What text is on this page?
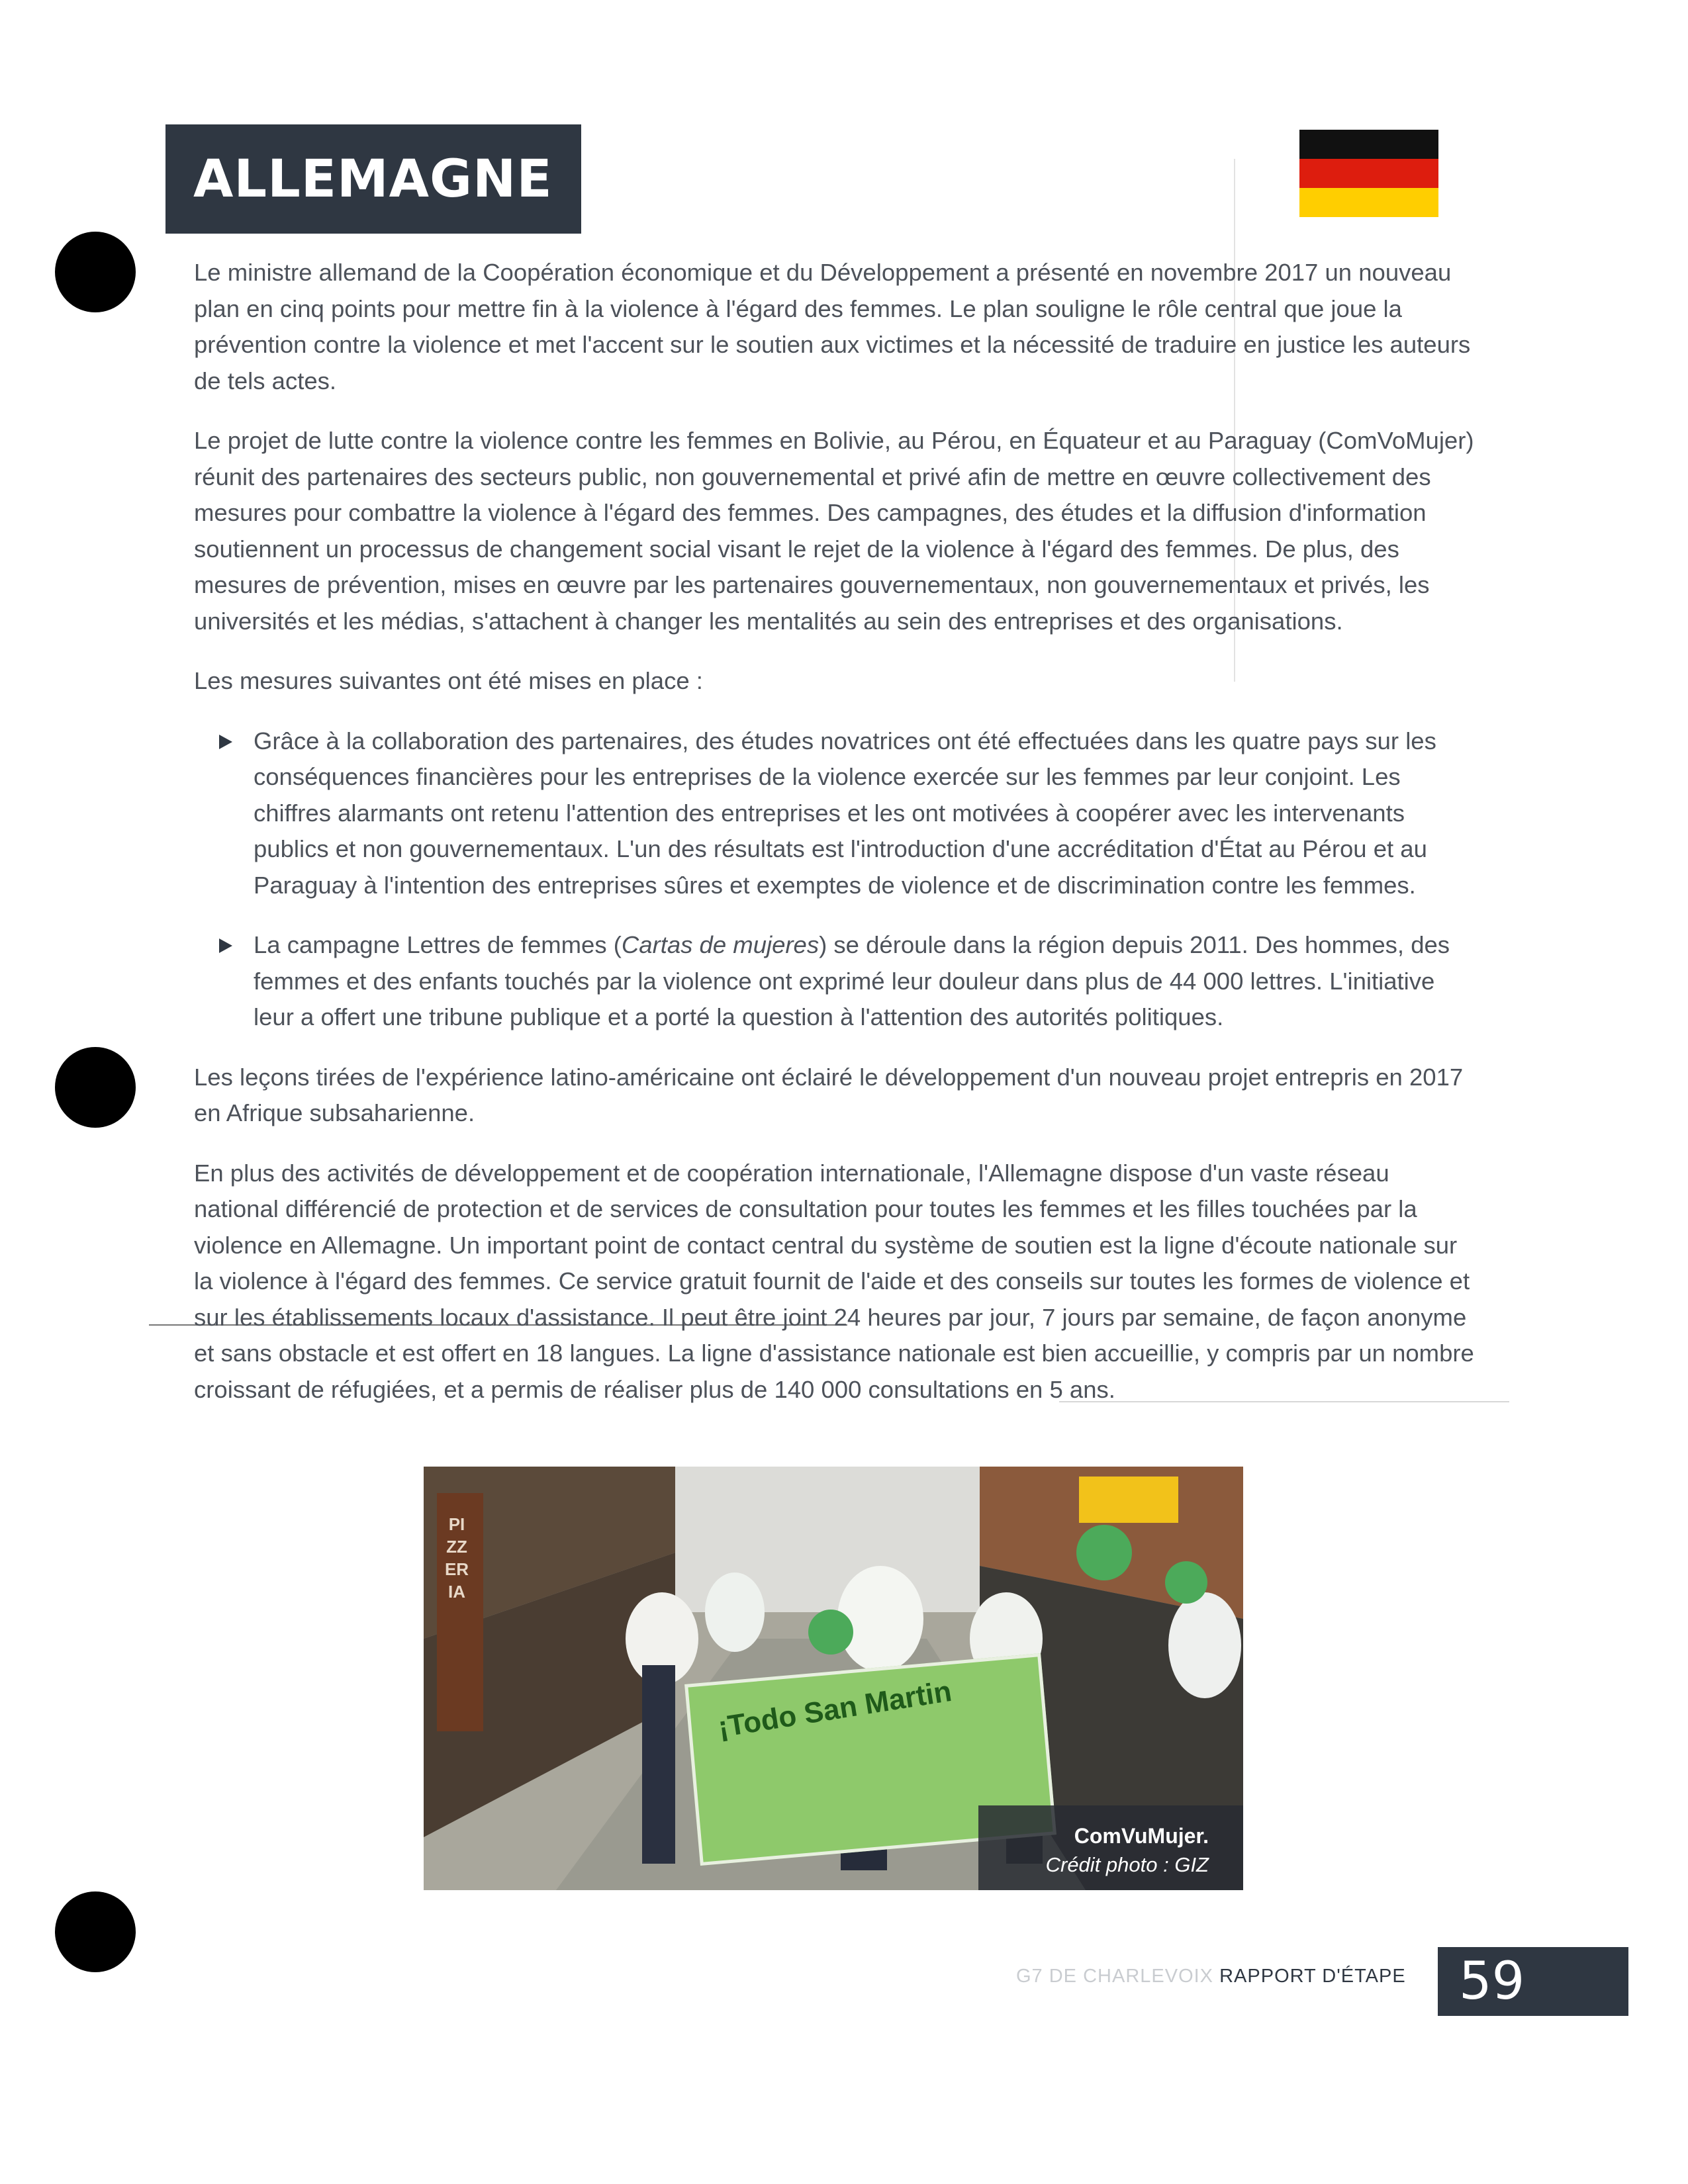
ALLEMAGNE

Le ministre allemand de la Coopération économique et du Développement a présenté en novembre 2017 un nouveau plan en cinq points pour mettre fin à la violence à l'égard des femmes. Le plan souligne le rôle central que joue la prévention contre la violence et met l'accent sur le soutien aux victimes et la nécessité de traduire en justice les auteurs de tels actes.

Le projet de lutte contre la violence contre les femmes en Bolivie, au Pérou, en Équateur et au Paraguay (ComVoMujer) réunit des partenaires des secteurs public, non gouvernemental et privé afin de mettre en œuvre collectivement des mesures pour combattre la violence à l'égard des femmes. Des campagnes, des études et la diffusion d'information soutiennent un processus de changement social visant le rejet de la violence à l'égard des femmes. De plus, des mesures de prévention, mises en œuvre par les partenaires gouvernementaux, non gouvernementaux et privés, les universités et les médias, s'attachent à changer les mentalités au sein des entreprises et des organisations.

Les mesures suivantes ont été mises en place :

Grâce à la collaboration des partenaires, des études novatrices ont été effectuées dans les quatre pays sur les conséquences financières pour les entreprises de la violence exercée sur les femmes par leur conjoint. Les chiffres alarmants ont retenu l'attention des entreprises et les ont motivées à coopérer avec les intervenants publics et non gouvernementaux. L'un des résultats est l'introduction d'une accréditation d'État au Pérou et au Paraguay à l'intention des entreprises sûres et exemptes de violence et de discrimination contre les femmes.
La campagne Lettres de femmes (Cartas de mujeres) se déroule dans la région depuis 2011. Des hommes, des femmes et des enfants touchés par la violence ont exprimé leur douleur dans plus de 44 000 lettres. L'initiative leur a offert une tribune publique et a porté la question à l'attention des autorités politiques.

Les leçons tirées de l'expérience latino-américaine ont éclairé le développement d'un nouveau projet entrepris en 2017 en Afrique subsaharienne.

En plus des activités de développement et de coopération internationale, l'Allemagne dispose d'un vaste réseau national différencié de protection et de services de consultation pour toutes les femmes et les filles touchées par la violence en Allemagne. Un important point de contact central du système de soutien est la ligne d'écoute nationale sur la violence à l'égard des femmes. Ce service gratuit fournit de l'aide et des conseils sur toutes les formes de violence et sur les établissements locaux d'assistance. Il peut être joint 24 heures par jour, 7 jours par semaine, de façon anonyme et sans obstacle et est offert en 18 langues. La ligne d'assistance nationale est bien accueillie, y compris par un nombre croissant de réfugiées, et a permis de réaliser plus de 140 000 consultations en 5 ans.

¡Todo San Martin
PIZZERIA
ComVuMujer.
Crédit photo : GIZ
G7 DE CHARLEVOIX RAPPORT D'ÉTAPE 59
